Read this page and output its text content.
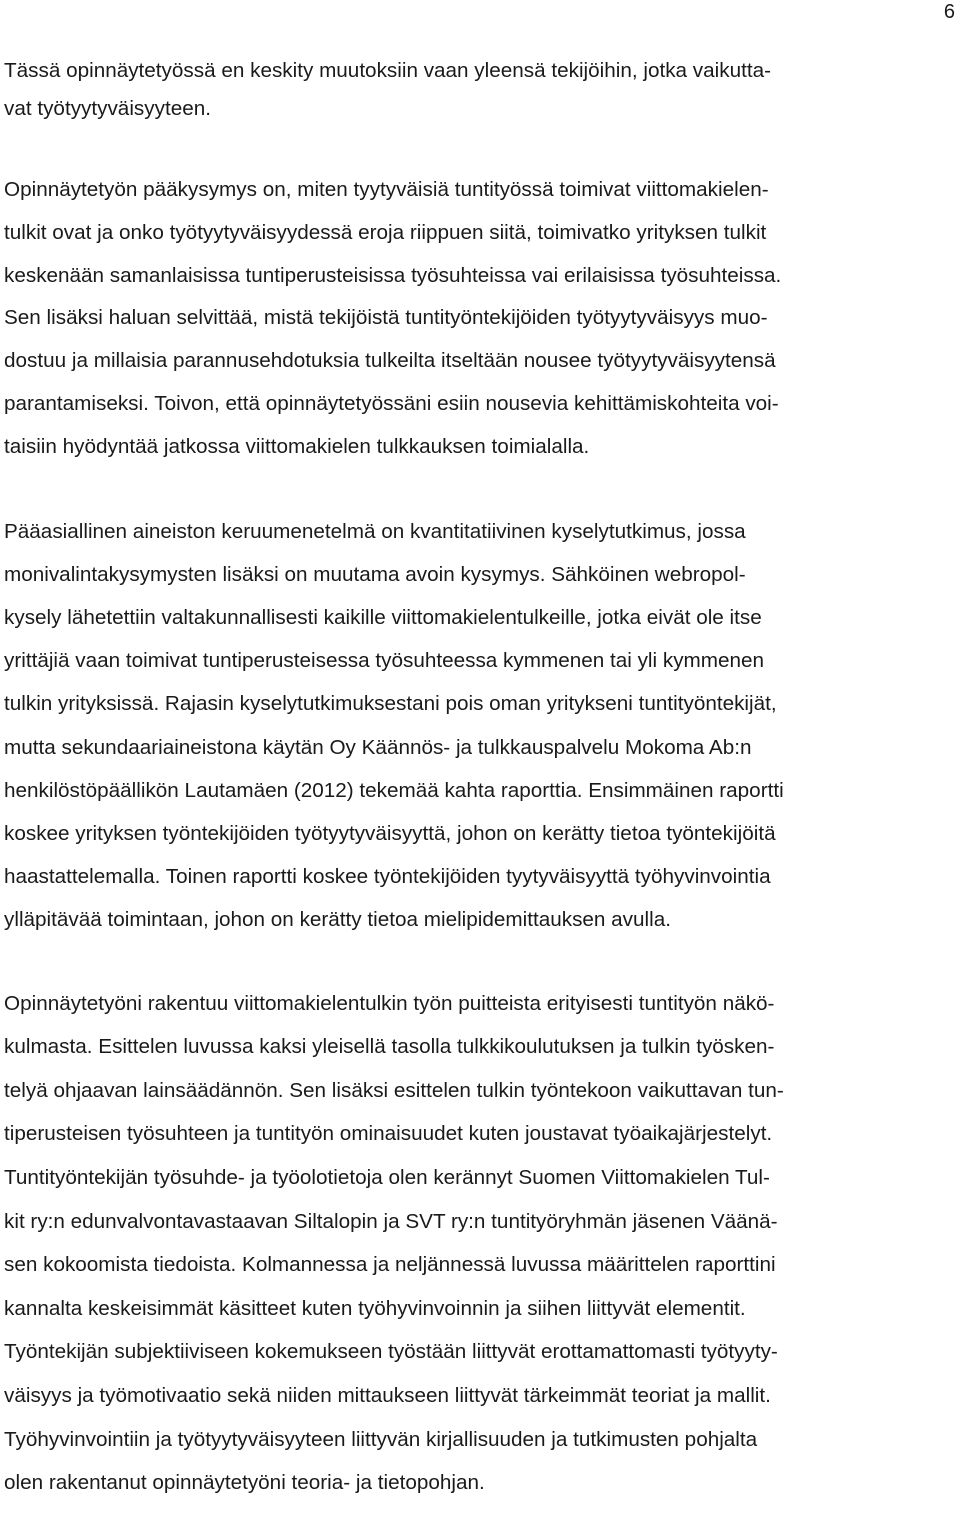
6

Tässä opinnäytetyössä en keskity muutoksiin vaan yleensä tekijöihin, jotka vaikutta-
vat työtyytyväisyyteen.

Opinnäytetyön pääkysymys on, miten tyytyväisiä tuntityössä toimivat viittomakielen-
tulkit ovat ja onko työtyytyväisyydessä eroja riippuen siitä, toimivatko yrityksen tulkit
keskenään samanlaisissa tuntiperusteisissa työsuhteissa vai erilaisissa työsuhteissa.
Sen lisäksi haluan selvittää, mistä tekijöistä tuntityöntekijöiden työtyytyväisyys muo-
dostuu ja millaisia parannusehdotuksia tulkeilta itseltään nousee työtyytyväisyytensä
parantamiseksi. Toivon, että opinnäytetyössäni esiin nousevia kehittämiskohteita voi-
taisiin hyödyntää jatkossa viittomakielen tulkkauksen toimialalla.

Pääasiallinen aineiston keruumenetelmä on kvantitatiivinen kyselytutkimus, jossa
monivalintakysymysten lisäksi on muutama avoin kysymys. Sähköinen webropol-
kysely lähetettiin valtakunnallisesti kaikille viittomakielentulkeille, jotka eivät ole itse
yrittäjiä vaan toimivat tuntiperusteisessa työsuhteessa kymmenen tai yli kymmenen
tulkin yrityksissä. Rajasin kyselytutkimuksestani pois oman yritykseni tuntityöntekijät,
mutta sekundaariaineistona käytän Oy Käännös- ja tulkkauspalvelu Mokoma Ab:n
henkilöstöpäällikön Lautamäen (2012) tekemää kahta raporttia. Ensimmäinen raportti
koskee yrityksen työntekijöiden työtyytyväisyyttä, johon on kerätty tietoa työntekijöitä
haastattelemalla. Toinen raportti koskee työntekijöiden tyytyväisyyttä työhyvinvointia
ylläpitävää toimintaan, johon on kerätty tietoa mielipidemittauksen avulla.

Opinnäytetyöni rakentuu viittomakielentulkin työn puitteista erityisesti tuntityön näkö-
kulmasta. Esittelen luvussa kaksi yleisellä tasolla tulkkikoulutuksen ja tulkin työsken-
telyä ohjaavan lainsäädännön. Sen lisäksi esittelen tulkin työntekoon vaikuttavan tun-
tiperusteisen työsuhteen ja tuntityön ominaisuudet kuten joustavat työaikajärjestelyt.
Tuntityöntekijän työsuhde- ja työolotietoja olen kerännyt Suomen Viittomakielen Tul-
kit ry:n edunvalvontavastaavan Siltalopin ja SVT ry:n tuntityöryhmän jäsenen Väänä-
sen kokoomista tiedoista. Kolmannessa ja neljännessä luvussa määrittelen raporttini
kannalta keskeisimmät käsitteet kuten työhyvinvoinnin ja siihen liittyvät elementit.
Työntekijän subjektiiviseen kokemukseen työstään liittyvät erottamattomasti työtyyty-
väisyys ja työmotivaatio sekä niiden mittaukseen liittyvät tärkeimmät teoriat ja mallit.
Työhyvinvointiin ja työtyytyväisyyteen liittyvän kirjallisuuden ja tutkimusten pohjalta
olen rakentanut opinnäytetyöni teoria- ja tietopohjan.
